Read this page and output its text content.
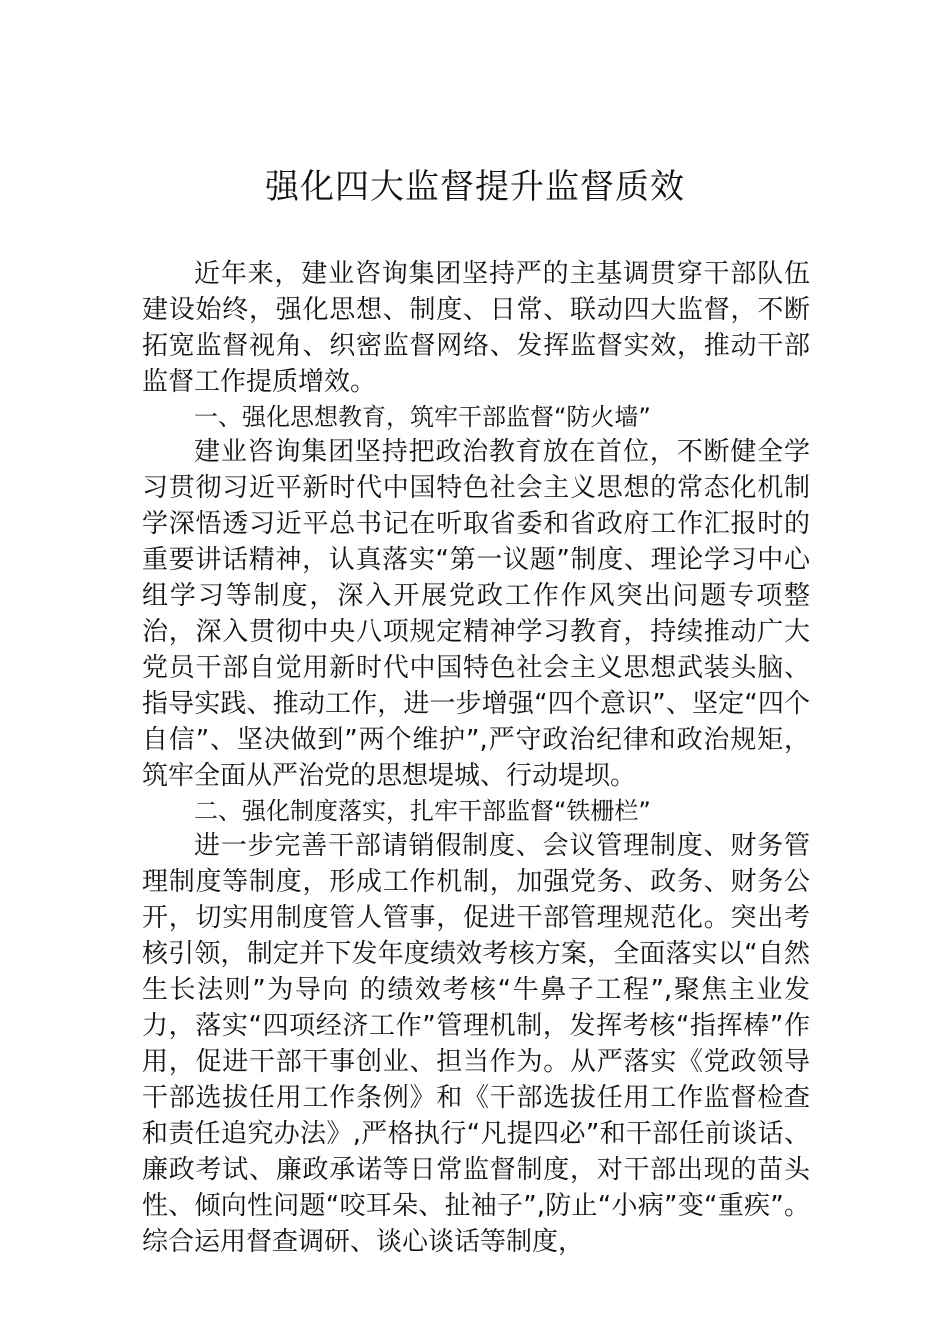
强化四大监督提升监督质效

近年来，建业咨询集团坚持严的主基调贯穿干部队伍建设始终，强化思想、制度、日常、联动四大监督，不断拓宽监督视角、织密监督网络、发挥监督实效，推动干部监督工作提质增效。

一、强化思想教育，筑牢干部监督“防火墙”

建业咨询集团坚持把政治教育放在首位，不断健全学习贯彻习近平新时代中国特色社会主义思想的常态化机制学深悟透习近平总书记在听取省委和省政府工作汇报时的重要讲话精神，认真落实“第一议题”制度、理论学习中心组学习等制度，深入开展党政工作作风突出问题专项整治，深入贯彻中央八项规定精神学习教育，持续推动广大党员干部自觉用新时代中国特色社会主义思想武装头脑、指导实践、推动工作，进一步增强“四个意识”、坚定“四个自信”、坚决做到”两个维护”,严守政治纪律和政治规矩，筑牢全面从严治党的思想堤城、行动堤坝。

二、强化制度落实，扎牢干部监督“铁栅栏”

进一步完善干部请销假制度、会议管理制度、财务管理制度等制度，形成工作机制，加强党务、政务、财务公开，切实用制度管人管事，促进干部管理规范化。突出考核引领，制定并下发年度绩效考核方案，全面落实以“自然生长法则”为导向 的绩效考核“牛鼻子工程”,聚焦主业发力，落实“四项经济工作”管理机制，发挥考核“指挥棒”作用，促进干部干事创业、担当作为。从严落实《党政领导干部选拔任用工作条例》和《干部选拔任用工作监督检查和责任追究办法》,严格执行“凡提四必”和干部任前谈话、廉政考试、廉政承诺等日常监督制度，对干部出现的苗头性、倾向性问题“咬耳朵、扯袖子”,防止“小病”变“重疾”。综合运用督查调研、谈心谈话等制度，
